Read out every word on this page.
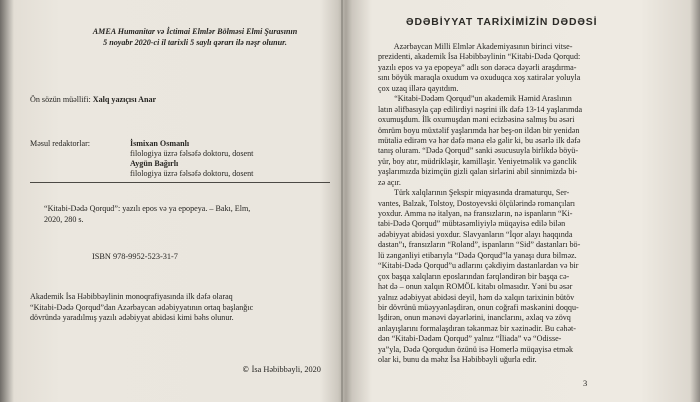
AMEA Humanitar və İctimai Elmlər Bölməsi Elmi Şurasının
5 noyabr 2020-ci il tarixli 5 saylı qərarı ilə nəşr olunur.
Ön sözün müəllifi: Xalq yazıçısı Anar
Məsul redaktorlar:	İsmixan Osmanlı
filologiya üzrə fəlsəfə doktoru, dosent
Aygün Bağırlı
filologiya üzrə fəlsəfə doktoru, dosent
“Kitabi-Dədə Qorqud”: yazılı epos və ya epopeya. – Bakı, Elm,
2020, 280 s.
ISBN 978-9952-523-31-7
Akademik İsa Həbibbəylinin monoqrafiyasında ilk dəfə olaraq
“Kitabi-Dədə Qorqud”dan Azərbaycan ədəbiyyatının ortaq başlanğıc
dövründə yaradılmış yazılı ədəbiyyat abidəsi kimi bəhs olunur.
© İsa Həbibbəyli, 2020
ƏDƏBİYYAT TARİXİMİZİN DƏDƏSİ
Azərbaycan Milli Elmlər Akademiyasının birinci vitse-
prezidenti, akademik İsa Həbibbəylinin “Kitabi-Dədə Qorqud:
yazılı epos və ya epopeya” adlı son dərəcə dəyərli araşdırma-
sını böyük maraqla oxudum və oxuduqca xoş xatirələr yoluyla
çox uzaq illərə qayıtdım.
“Kitabi-Dədəm Qorqud”un akademik Həmid Araslının
latın əlifbasıyla çap edilirdiyi nəşrini ilk dəfə 13-14 yaşlarımda
oxumuşdum. İlk oxumuşdan məni ecizbəsinə salmış bu əsəri
ömrüm boyu müxtəlif yaşlarımda hər beş-on ildən bir yenidən
mütaliə edirəm və hər dəfə mənə elə gəlir ki, bu əsərlə ilk dəfə
tanış oluram. “Dədə Qorqud” sanki əsucusuyla birlikdə böyü-
yür, boy atır, müdrikləşir, kamilləşir. Yeniyetməlik və gənclik
yaşlarımızda bizimçün gizli qalan sirlərini abil sinnimizdə bi-
zə açır.
Türk xalqlarının Şekspir miqyasında dramaturqu, Ser-
vantes, Balzak, Tolstoy, Dostoyevski ölçülərində romançıları
yoxdur. Amma nə italyan, nə fransızların, nə ispanların “Ki-
tabi-Dədə Qorqud” mübtəsəmliyiylə müqayisə edilə bilən
ədəbiyyat abidəsi yoxdur. Slavyanların “İqor alayı haqqında
dastan”ı, fransızların “Roland”, ispanların “Sid” dastanları bö-
lü zəngənliyi etibarıyla “Dədə Qorqud”la yanaşı dura bilməz.
“Kitabi-Dədə Qorqud”u adlarını çəkdiyim dastanlardan və bir
çox başqa xalqların eposlarından fərqləndirən bir başqa cə-
hət də – onun xalqın ROMÖL kitabı olmasıdır. Yəni bu əsər
yalnız ədəbiyyat abidəsi deyil, həm də xalqın tarixinin bütöv
bir dövrünü müəyyənləşdirən, onun coğrafi məskənini doqqu-
lşdirən, onun mənəvi dəyərlərini, inanclarını, əxlaq və zövq
anlayışlarını formalaşdıran təkənməz bir xəzinədir. Bu cəhət-
dən “Kitabi-Dədəm Qorqud” yalnız “İliada” və “Odisse-
ya”yla, Dədə Qorqudun özünü isə Homerlə müqayisə etmək
olar ki, bunu da məhz İsa Həbibbəyli uğurla edir.
3
